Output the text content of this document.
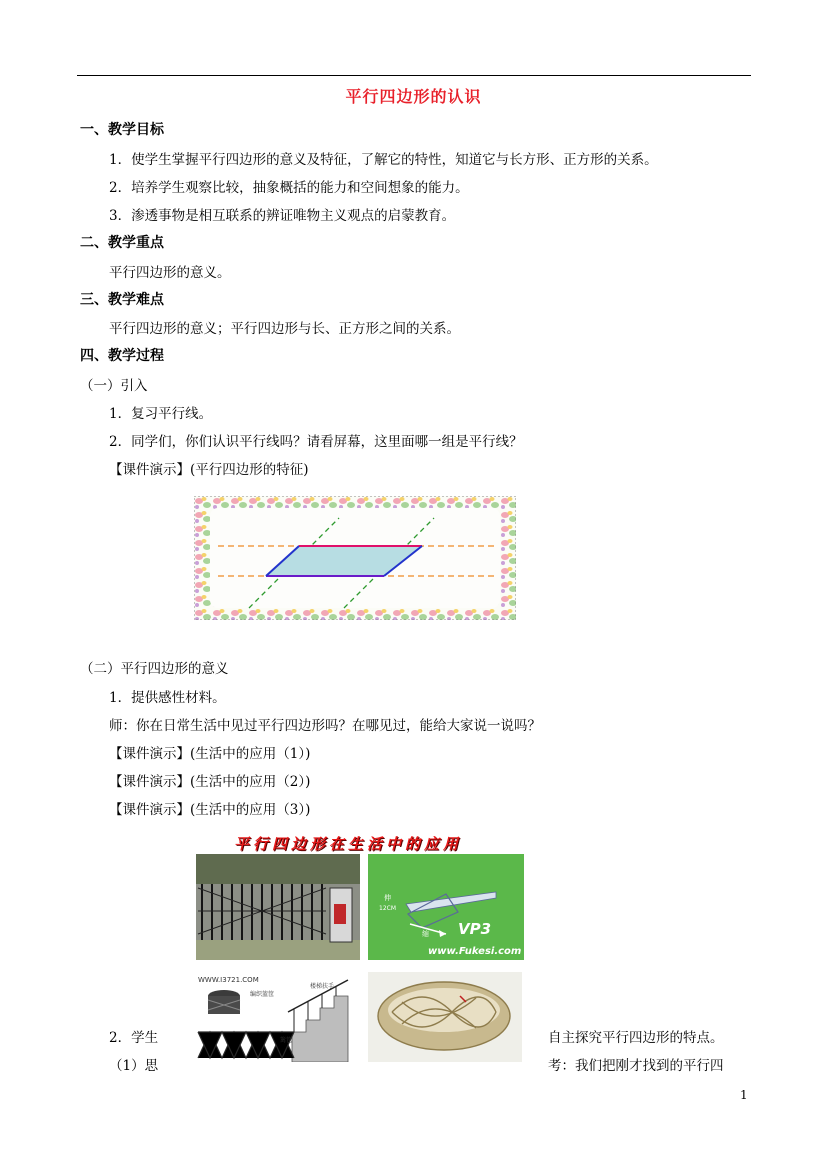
平行四边形的认识
一、教学目标
1．使学生掌握平行四边形的意义及特征，了解它的特性，知道它与长方形、正方形的关系。
2．培养学生观察比较，抽象概括的能力和空间想象的能力。
3．渗透事物是相互联系的辨证唯物主义观点的启蒙教育。
二、教学重点
平行四边形的意义。
三、教学难点
平行四边形的意义；平行四边形与长、正方形之间的关系。
四、教学过程
（一）引入
1．复习平行线。
2．同学们，你们认识平行线吗？请看屏幕，这里面哪一组是平行线？
【课件演示】(平行四边形的特征)
（二）平行四边形的意义
1．提供感性材料。
师：你在日常生活中见过平行四边形吗？在哪见过，能给大家说一说吗？
【课件演示】(生活中的应用（1）)
【课件演示】(生活中的应用（2）)
【课件演示】(生活中的应用（3）)
平行四边形在生活中的应用
VP3
www.Fukesi.com
12CM
伸
缩
WWW.I3721.COM
编织篮筐
楼梯扶手
篱笆
2．学生	自主探究平行四边形的特点。
（1）思	考：我们把刚才找到的平行四
1
